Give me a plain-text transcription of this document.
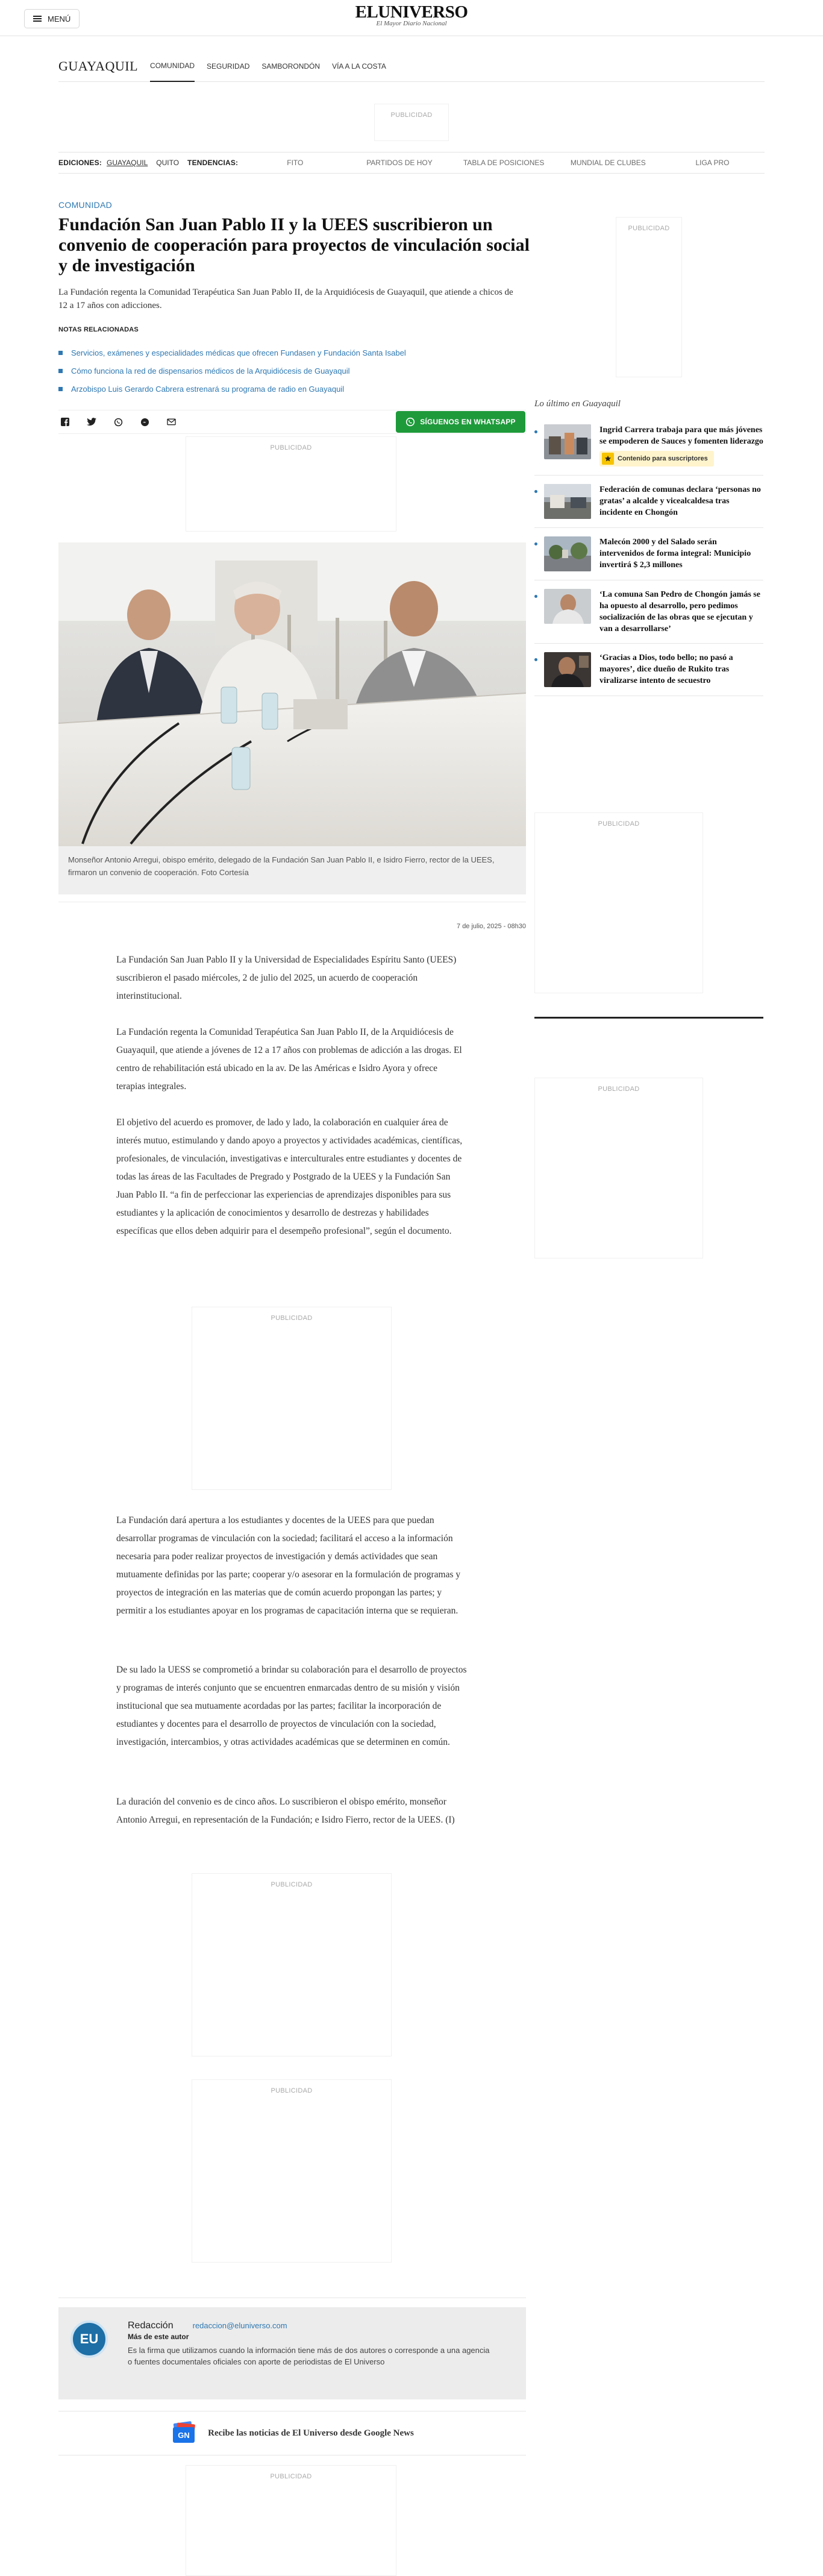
MENÚ	ELUNIVERSO
El Mayor Diario Nacional
GUAYAQUIL COMUNIDAD SEGURIDAD SAMBORONDÓN VÍA A LA COSTA
PUBLICIDAD
EDICIONES: GUAYAQUIL QUITO TENDENCIAS:	FITO	PARTIDOS DE HOY	TABLA DE POSICIONES	MUNDIAL DE CLUBES	LIGA PRO
COMUNIDAD
Fundación San Juan Pablo II y la UEES suscribieron un convenio de cooperación para proyectos de vinculación social y de investigación

La Fundación regenta la Comunidad Terapéutica San Juan Pablo II, de la Arquidiócesis de Guayaquil, que atiende a chicos de 12 a 17 años con adicciones.

NOTAS RELACIONADAS
Servicios, exámenes y especialidades médicas que ofrecen Fundasen y Fundación Santa Isabel
Cómo funciona la red de dispensarios médicos de la Arquidiócesis de Guayaquil
Arzobispo Luis Gerardo Cabrera estrenará su programa de radio en Guayaquil
SÍGUENOS EN WHATSAPP
PUBLICIDAD
Monseñor Antonio Arregui, obispo emérito, delegado de la Fundación San Juan Pablo II, e Isidro Fierro, rector de la UEES, firmaron un convenio de cooperación. Foto Cortesía
7 de julio, 2025 - 08h30

La Fundación San Juan Pablo II y la Universidad de Especialidades Espíritu Santo (UEES) suscribieron el pasado miércoles, 2 de julio del 2025, un acuerdo de cooperación interinstitucional.

La Fundación regenta la Comunidad Terapéutica San Juan Pablo II, de la Arquidiócesis de Guayaquil, que atiende a jóvenes de 12 a 17 años con problemas de adicción a las drogas. El centro de rehabilitación está ubicado en la av. De las Américas e Isidro Ayora y ofrece terapias integrales.

El objetivo del acuerdo es promover, de lado y lado, la colaboración en cualquier área de interés mutuo, estimulando y dando apoyo a proyectos y actividades académicas, científicas, profesionales, de vinculación, investigativas e interculturales entre estudiantes y docentes de todas las áreas de las Facultades de Pregrado y Postgrado de la UEES y la Fundación San Juan Pablo II. “a fin de perfeccionar las experiencias de aprendizajes disponibles para sus estudiantes y la aplicación de conocimientos y desarrollo de destrezas y habilidades específicas que ellos deben adquirir para el desempeño profesional”, según el documento.

PUBLICIDAD

La Fundación dará apertura a los estudiantes y docentes de la UEES para que puedan desarrollar programas de vinculación con la sociedad; facilitará el acceso a la información necesaria para poder realizar proyectos de investigación y demás actividades que sean mutuamente definidas por las parte; cooperar y/o asesorar en la formulación de programas y proyectos de integración en las materias que de común acuerdo propongan las partes; y permitir a los estudiantes apoyar en los programas de capacitación interna que se requieran.

De su lado la UESS se comprometió a brindar su colaboración para el desarrollo de proyectos y programas de interés conjunto que se encuentren enmarcadas dentro de su misión y visión institucional que sea mutuamente acordadas por las partes; facilitar la incorporación de estudiantes y docentes para el desarrollo de proyectos de vinculación con la sociedad, investigación, intercambios, y otras actividades académicas que se determinen en común.

La duración del convenio es de cinco años. Lo suscribieron el obispo emérito, monseñor Antonio Arregui, en representación de la Fundación; e Isidro Fierro, rector de la UEES. (I)

PUBLICIDAD
PUBLICIDAD
EU
Redacción redaccion@eluniverso.com
Más de este autor
Es la firma que utilizamos cuando la información tiene más de dos autores o corresponde a una agencia o fuentes documentales oficiales con aporte de periodistas de El Universo
GN Recibe las noticias de El Universo desde Google News
PUBLICIDAD
PUBLICIDAD
Lo último en Guayaquil
Ingrid Carrera trabaja para que más jóvenes se empoderen de Sauces y fomenten liderazgo
Contenido para suscriptores
Federación de comunas declara ‘personas no gratas’ a alcalde y vicealcaldesa tras incidente en Chongón
Malecón 2000 y del Salado serán intervenidos de forma integral: Municipio invertirá $ 2,3 millones
‘La comuna San Pedro de Chongón jamás se ha opuesto al desarrollo, pero pedimos socialización de las obras que se ejecutan y van a desarrollarse’
‘Gracias a Dios, todo bello; no pasó a mayores’, dice dueño de Rukito tras viralizarse intento de secuestro
PUBLICIDAD
PUBLICIDAD
